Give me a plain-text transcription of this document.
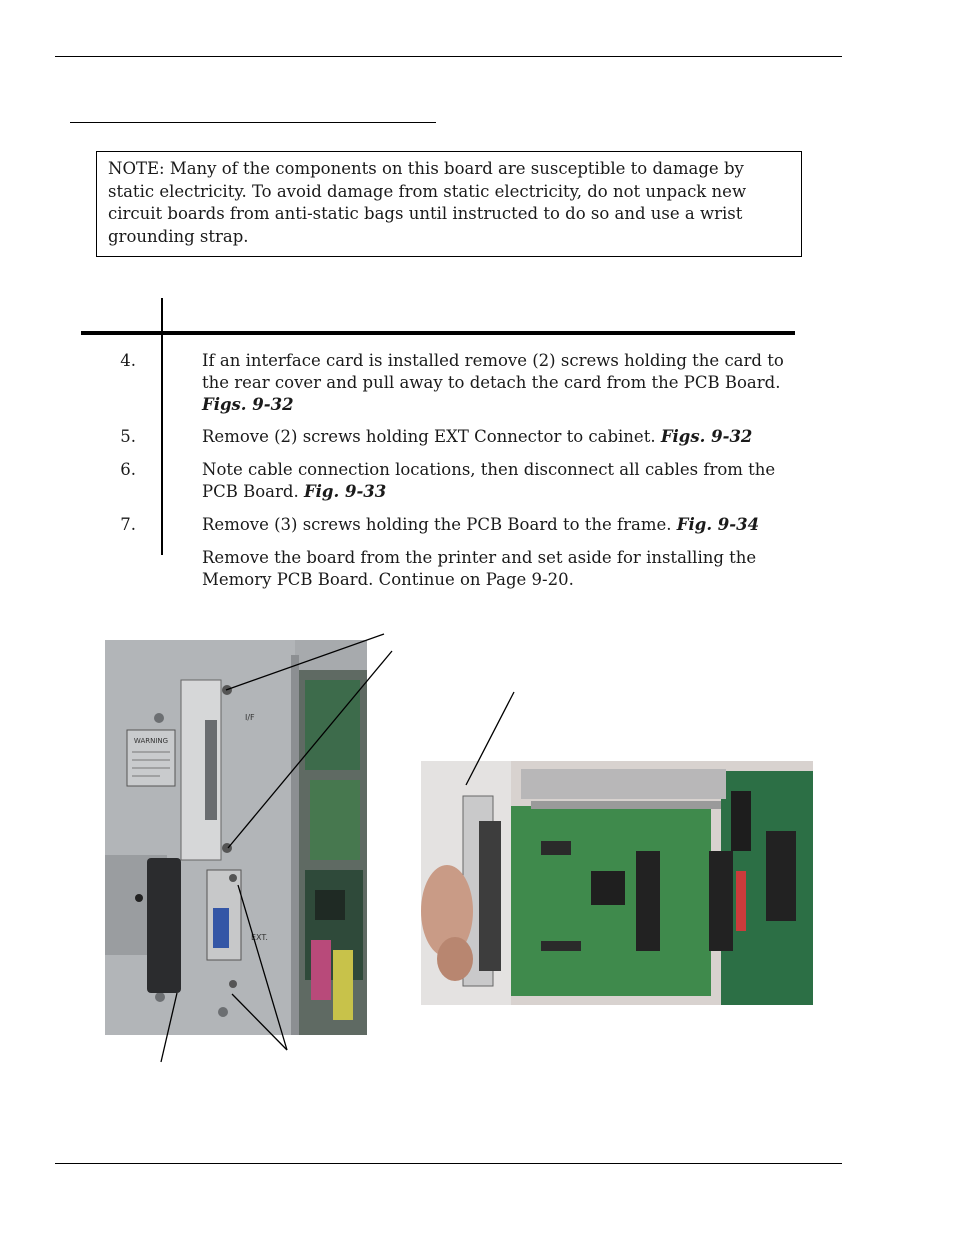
NOTE: Many of the components on this board are susceptible to damage by static electricity. To avoid damage from static electricity, do not unpack new circuit boards from anti-static bags until instructed to do so and use a wrist grounding strap.
4.	If an interface card is installed remove (2) screws holding the card to the rear cover and pull away to detach the card from the PCB Board.
Figs. 9-32
5.	Remove (2) screws holding EXT Connector to cabinet. Figs. 9-32
6.	Note cable connection locations, then disconnect all cables from the PCB Board. Fig. 9-33
7.	Remove (3) screws holding the PCB Board to the frame. Fig. 9-34
Remove the board from the printer and set aside for installing the Memory PCB Board. Continue on Page 9-20.
WARNING
I/F
EXT.
